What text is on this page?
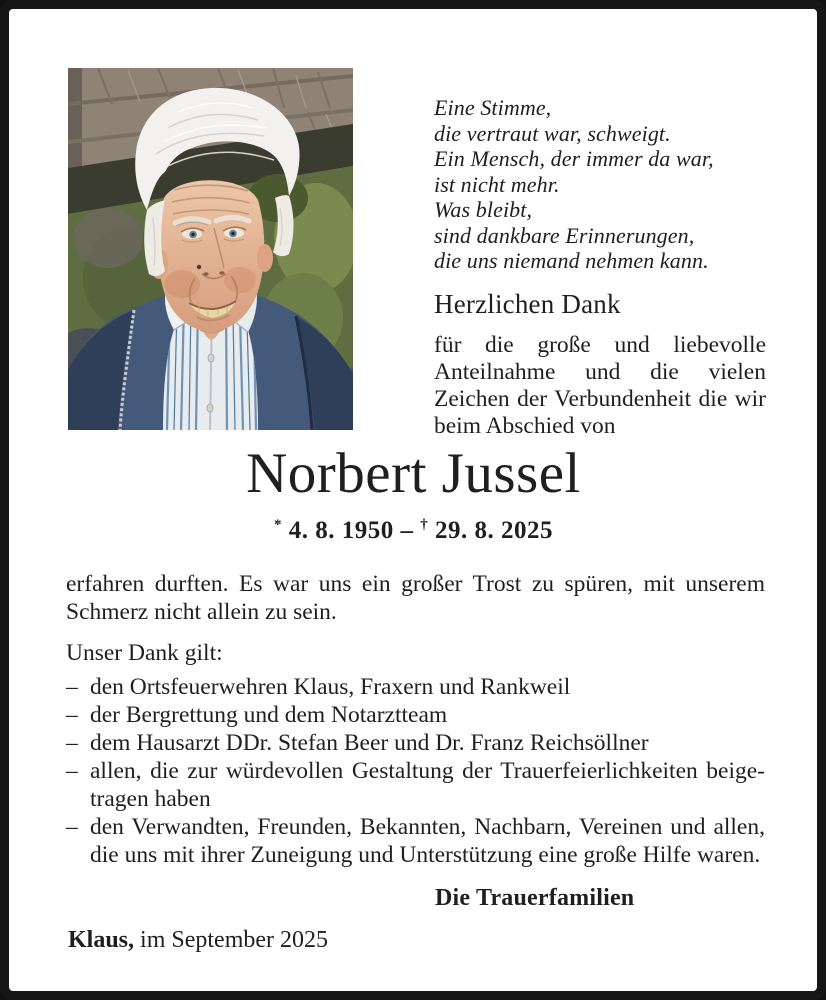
Eine Stimme,
die vertraut war, schweigt.
Ein Mensch, der immer da war,
ist nicht mehr.
Was bleibt,
sind dankbare Erinnerungen,
die uns niemand nehmen kann.
Herzlichen Dank
für die große und liebevolle Anteilnahme und die vielen Zeichen der Verbundenheit die wir beim Abschied von
Norbert Jussel
* 4. 8. 1950 – † 29. 8. 2025
erfahren durften. Es war uns ein großer Trost zu spüren, mit unserem Schmerz nicht allein zu sein.
Unser Dank gilt:
– den Ortsfeuerwehren Klaus, Fraxern und Rankweil
– der Bergrettung und dem Notarztteam
– dem Hausarzt DDr. Stefan Beer und Dr. Franz Reichsöllner
– allen, die zur würdevollen Gestaltung der Trauerfeierlichkeiten beigetragen haben
– den Verwandten, Freunden, Bekannten, Nachbarn, Vereinen und allen, die uns mit ihrer Zuneigung und Unterstützung eine große Hilfe waren.
Die Trauerfamilien
Klaus, im September 2025
